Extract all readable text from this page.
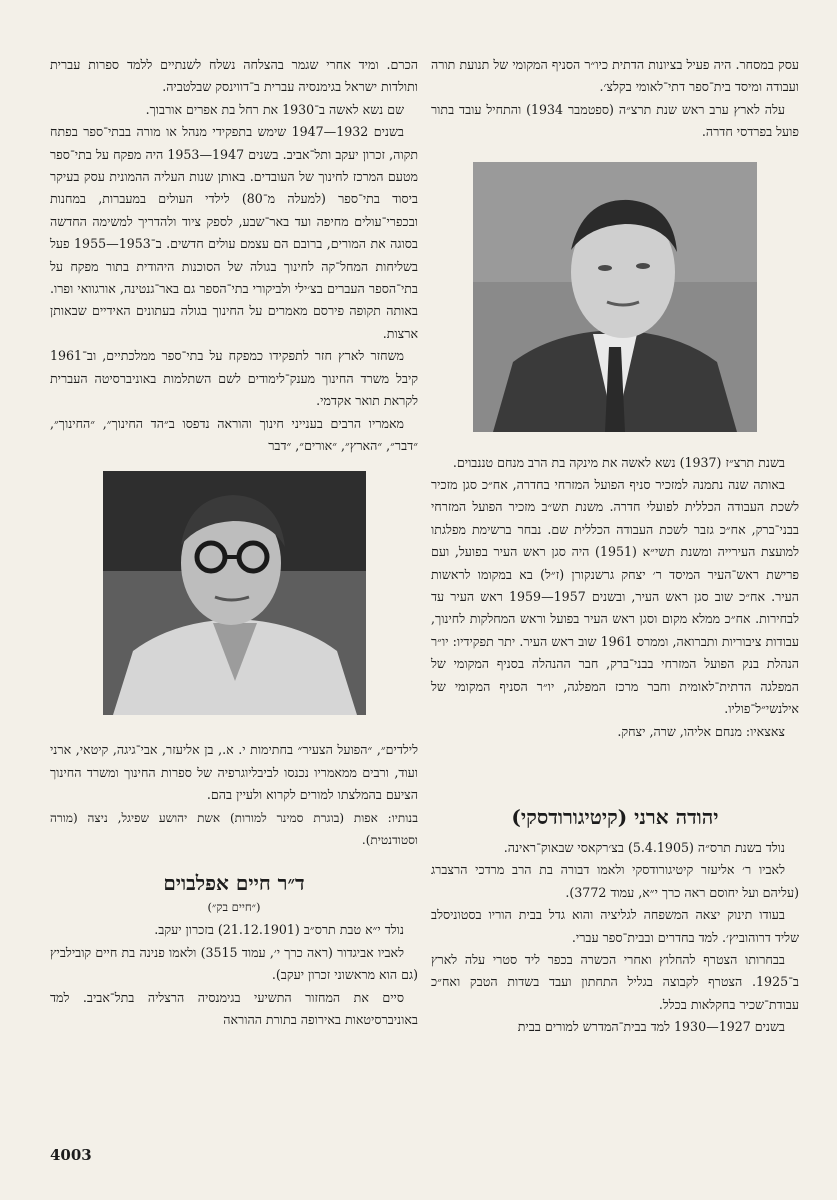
עסק במסחר. היה פעיל בציונות הדתית כיו״ר הסניף המקומי של תנועת תורה ועבודה ומיסד בית־ספר דתי־לאומי בקלצ׳.

עלה לארץ ערב ראש שנת תרצ״ה (ספטמבר 1934) והתחיל עובד בתור פועל בפרדסי חדרה.

בשנת תרצ״ז (1937) נשא לאשה את מינקה בת הרב מנחם טננבוים.

באותה שנה נתמנה למזכיר סניף הפועל המזרחי בחדרה, אח״כ סגן מזכיר לשכת העבודה הכללית לפועלי חדרה. משנת תש״ב מזכיר הפועל המזרחי בבני־ברק, אח״כ גזבר לשכת העבודה הכללית שם. נבחר ברשימת מפלגתו למועצת העירייה ומשנת תשי״א (1951) היה סגן ראש העיר בפועל, ועם פרישת ראש־העיר המיסד ר׳ יצחק גרשנקורן (ז״ל) בא במקומו לראשות העיר. אח״כ שוב סגן ראש העיר, ובשנים 1957—1959 ראש העיר עד לבחירות. אח״כ ממלא מקום וסגן ראש העיר בפועל וראש המחלקות לחינוך, עבודות ציבוריות ותברואה, וממרס 1961 שוב ראש העיר. יתר תפקידיו: יו״ר הנהלת בנק הפועל המזרחי בבני־ברק, חבר ההנהלה בסניף המקומי של המפלגה הדתית־לאומית וחבר מרכז המפלגה, יו״ר הסניף המקומי של אילנשי״ל־פוליו.

צאצאיו: מנחם אליהו, שרה, יצחק.

יהודה ארני (קיטיגורודסקי)

נולד בשנת תרס״ה (5.4.1905) בצ׳רקאסי שבאוק־ראינה.

לאביו ר׳ אליעזר קיטיגורודסקי ולאמו דבורה בת הרב מרדכי הרצברג (עליהם ועל יחוסם ראה כרך י״א, עמוד 3772).

בעודו תינוק יצאה המשפחה לגליציה והוא גדל בבית הוריו בסטוניסלב שליד דרוהוביץ׳. למד בחדרים ובבית־ספר עברי.

בבחרותו הצטרף להחלוץ ואחרי הכשרה בכפר ליד סטרי עלה לארץ ב־1925. הצטרף לקבוצה בגליל התחתון ועבד בשדות הטבק ואח״כ עבודת־שכיר בחקלאות בכלל.

בשנים 1927—1930 למד בבית־המדרש למורים בבית

הכרם. ומיד אחרי שגמר בהצלחה נשלח לשנתיים ללמד ספרות עברית ותולדות ישראל בגימנסיה עברית ב־דווינסק שבלטביה.

שם נשא לאשה ב־1930 את רחל בת אפרים אורבוך.

בשנים 1932—1947 שימש בתפקידי מנהל או מורה בבתי־ספר בפתח תקוה, זכרון יעקב ותל־אביב. בשנים 1947—1953 היה מפקח על בתי־ספר מטעם המרכז לחינוך של העובדים. באותן שנות העליה ההמונית עסק בעיקר ביסוד בתי־ספר (למעלה מ־80) לילדי העולים במעברות, במחנות ובכפרי־עולים מחיפה ועד באר־שבע, לספק ציוד ולהדריך למשימה החדשה בסוגה את המורים, ברובם הם עצמם עולים חדשים. ב־1953—1955 פעל בשליחות המחל־קה לחינוך בגולה של הסוכנות היהודית בתור מפקח על בתי־הספר העברים בצ׳ילי ולביקורי בתי־הספר גם באר־גנטינה, אורגוואי ופרו. באותה תקופה פירסם מאמרים על החינוך בגולה בעתונים האידיים שבאותן ארצות.

משחזר לארץ חזר לתפקידו כמפקח על בתי־ספר ממלכתיים, וב־1961 קיבל משרד החינוך מענק־לימודים לשם השתלמות באוניברסיטה העברית לקראת תואר אקדמי.

מאמריו הרבים בענייני חינוך והוראה נדפסו ב״הד החינוך״, ״החינוך״, ״דבר״, ״הארץ״, ״אורים״, ״דבר

לילדים״, ״הפועל הצעיר״ בחתימות י. א., בן אליעזר, אבי־גיגה, קיטאי, ארני ועוד, ורבים ממאמריו נכנסו לביבליוגרפיה של ספרות החינוך ומשרד החינוך הציעם בהמלצתו למורים לקרוא ולעיין בהם.

בנותיו: אפות (בוגרת סמינר למורות) אשת יהושע שפיגל, ניצה (מורה וסטודנטית).

ד״ר חיים אפלבוים
(״חיים בק״)

נולד י״א טבת תרס״ב (21.12.1901) בזכרון יעקב.

לאביו אביגדור (ראה כרך י׳, עמוד 3515) ולאמו פנינה בת חיים קובילביץ (גם הוא מראשוני זכרון יעקב).

סיים את המחזור התשיעי בגימנסיה הרצליה בתל־אביב. למד באוניברסיטאות באירופה בתורת ההוראה

4003
